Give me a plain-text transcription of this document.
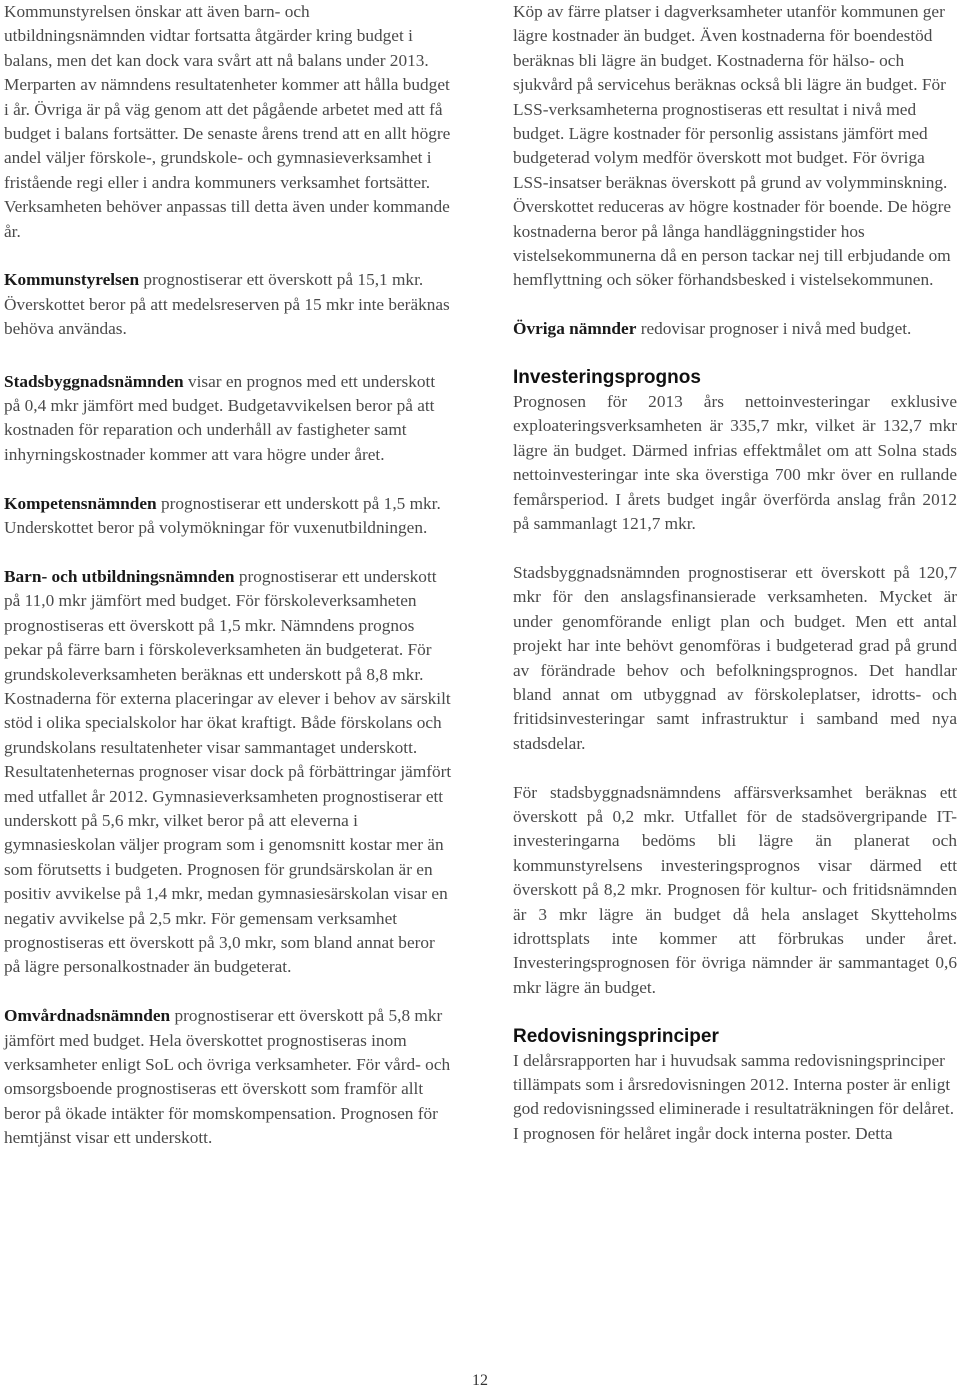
Kommunstyrelsen önskar att även barn- och utbildningsnämnden vidtar fortsatta åtgärder kring budget i balans, men det kan dock vara svårt att nå balans under 2013. Merparten av nämndens resultatenheter kommer att hålla budget i år. Övriga är på väg genom att det pågående arbetet med att få budget i balans fortsätter. De senaste årens trend att en allt högre andel väljer förskole-, grundskole- och gymnasieverksamhet i fristående regi eller i andra kommuners verksamhet fortsätter. Verksamheten behöver anpassas till detta även under kommande år.

Kommunstyrelsen prognostiserar ett överskott på 15,1 mkr. Överskottet beror på att medelsreserven på 15 mkr inte beräknas behöva användas.

Stadsbyggnadsnämnden visar en prognos med ett underskott på 0,4 mkr jämfört med budget. Budgetavvikelsen beror på att kostnaden för reparation och underhåll av fastigheter samt inhyrningskostnader kommer att vara högre under året.

Kompetensnämnden prognostiserar ett underskott på 1,5 mkr. Underskottet beror på volymökningar för vuxenutbildningen.

Barn- och utbildningsnämnden prognostiserar ett underskott på 11,0 mkr jämfört med budget. För förskoleverksamheten prognostiseras ett överskott på 1,5 mkr. Nämndens prognos pekar på färre barn i förskoleverksamheten än budgeterat. För grundskoleverksamheten beräknas ett underskott på 8,8 mkr. Kostnaderna för externa placeringar av elever i behov av särskilt stöd i olika specialskolor har ökat kraftigt. Både förskolans och grundskolans resultatenheter visar sammantaget underskott. Resultatenheternas prognoser visar dock på förbättringar jämfört med utfallet år 2012. Gymnasieverksamheten prognostiserar ett underskott på 5,6 mkr, vilket beror på att eleverna i gymnasieskolan väljer program som i genomsnitt kostar mer än som förutsetts i budgeten. Prognosen för grundsärskolan är en positiv avvikelse på 1,4 mkr, medan gymnasiesärskolan visar en negativ avvikelse på 2,5 mkr. För gemensam verksamhet prognostiseras ett överskott på 3,0 mkr, som bland annat beror på lägre personalkostnader än budgeterat.

Omvårdnadsnämnden prognostiserar ett överskott på 5,8 mkr jämfört med budget. Hela överskottet prognostiseras inom verksamheter enligt SoL och övriga verksamheter. För vård- och omsorgsboende prognostiseras ett överskott som framför allt beror på ökade intäkter för momskompensation. Prognosen för hemtjänst visar ett underskott.

Köp av färre platser i dagverksamheter utanför kommunen ger lägre kostnader än budget. Även kostnaderna för boendestöd beräknas bli lägre än budget. Kostnaderna för hälso- och sjukvård på servicehus beräknas också bli lägre än budget. För LSS-verksamheterna prognostiseras ett resultat i nivå med budget. Lägre kostnader för personlig assistans jämfört med budgeterad volym medför överskott mot budget. För övriga LSS-insatser beräknas överskott på grund av volymminskning. Överskottet reduceras av högre kostnader för boende. De högre kostnaderna beror på långa handläggningstider hos vistelsekommunerna då en person tackar nej till erbjudande om hemflyttning och söker förhandsbesked i vistelsekommunen.

Övriga nämnder redovisar prognoser i nivå med budget.

Investeringsprognos

Prognosen för 2013 års nettoinvesteringar exklusive exploateringsverksamheten är 335,7 mkr, vilket är 132,7 mkr lägre än budget. Därmed infrias effektmålet om att Solna stads nettoinvesteringar inte ska överstiga 700 mkr över en rullande femårsperiod. I årets budget ingår överförda anslag från 2012 på sammanlagt 121,7 mkr.

Stadsbyggnadsnämnden prognostiserar ett överskott på 120,7 mkr för den anslagsfinansierade verksamheten. Mycket är under genomförande enligt plan och budget. Men ett antal projekt har inte behövt genomföras i budgeterad grad på grund av förändrade behov och befolkningsprognos. Det handlar bland annat om utbyggnad av förskoleplatser, idrotts- och fritidsinvesteringar samt infrastruktur i samband med nya stadsdelar.

För stadsbyggnadsnämndens affärsverksamhet beräknas ett överskott på 0,2 mkr. Utfallet för de stadsövergripande IT-investeringarna bedöms bli lägre än planerat och kommunstyrelsens investeringsprognos visar därmed ett överskott på 8,2 mkr. Prognosen för kultur- och fritidsnämnden är 3 mkr lägre än budget då hela anslaget Skytteholms idrottsplats inte kommer att förbrukas under året. Investeringsprognosen för övriga nämnder är sammantaget 0,6 mkr lägre än budget.

Redovisningsprinciper

I delårsrapporten har i huvudsak samma redovisningsprinciper tillämpats som i årsredovisningen 2012. Interna poster är enligt god redovisningssed eliminerade i resultaträkningen för delåret. I prognosen för helåret ingår dock interna poster. Detta

12
